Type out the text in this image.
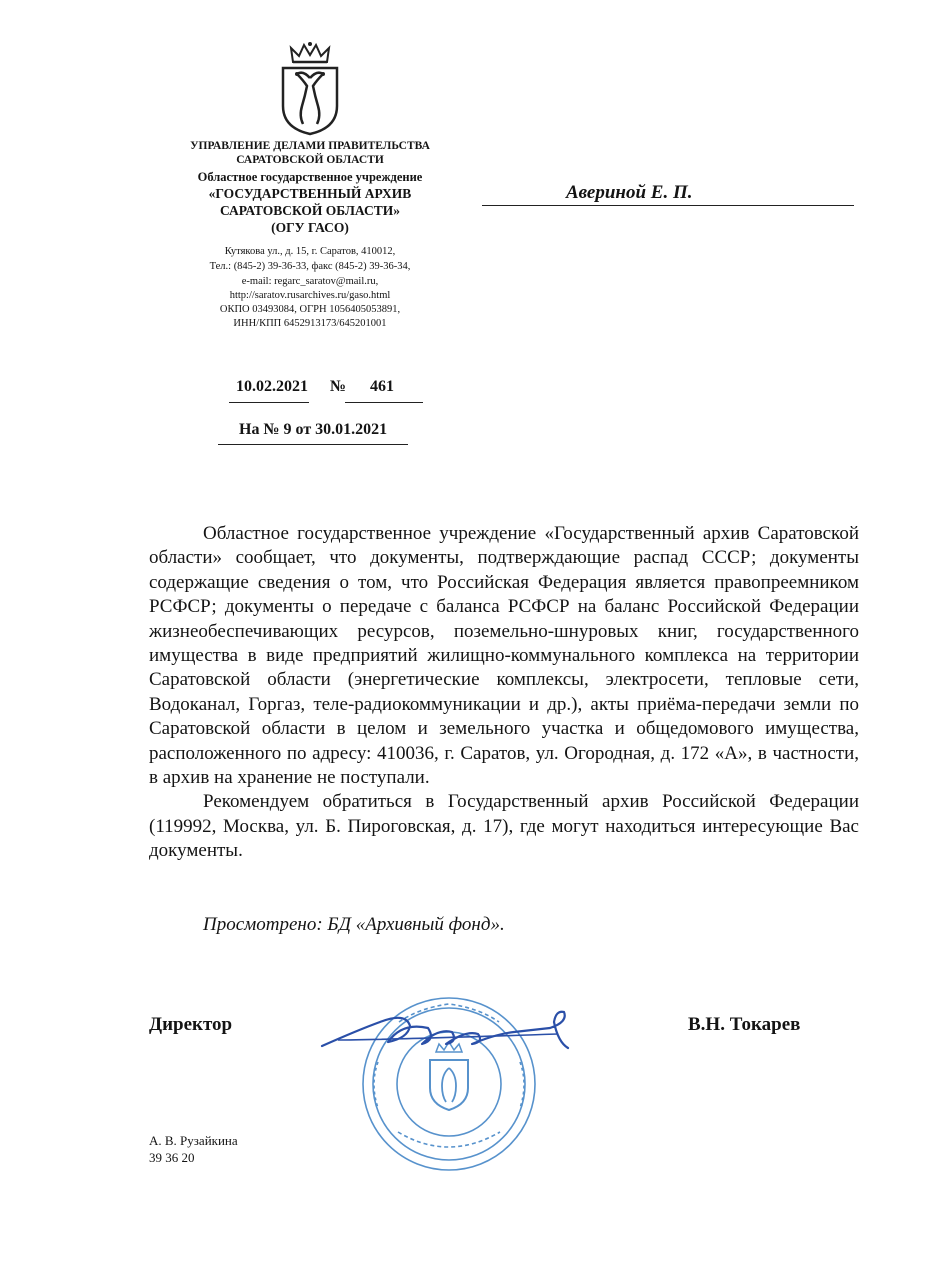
УПРАВЛЕНИЕ ДЕЛАМИ ПРАВИТЕЛЬСТВА
САРАТОВСКОЙ ОБЛАСТИ
Областное государственное учреждение
«ГОСУДАРСТВЕННЫЙ АРХИВ
САРАТОВСКОЙ ОБЛАСТИ»
(ОГУ ГАСО)
Кутякова ул., д. 15, г. Саратов, 410012,
Тел.: (845-2) 39-36-33, факс (845-2) 39-36-34,
e-mail: regarc_saratov@mail.ru,
http://saratov.rusarchives.ru/gaso.html
ОКПО 03493084, ОГРН 1056405053891,
ИНН/КПП 6452913173/645201001
Авериной Е. П.
10.02.2021 № 461
На № 9 от 30.01.2021

Областное государственное учреждение «Государственный архив Саратовской области» сообщает, что документы, подтверждающие распад СССР; документы содержащие сведения о том, что Российская Федерация является правопреемником РСФСР; документы о передаче с баланса РСФСР на баланс Российской Федерации жизнеобеспечивающих ресурсов, поземельно-шнуровых книг, государственного имущества в виде предприятий жилищно-коммунального комплекса на территории Саратовской области (энергетические комплексы, электросети, тепловые сети, Водоканал, Горгаз, теле-радиокоммуникации и др.), акты приёма-передачи земли по Саратовской области в целом и земельного участка и общедомового имущества, расположенного по адресу: 410036, г. Саратов, ул. Огородная, д. 172 «А», в частности, в архив на хранение не поступали.

Рекомендуем обратиться в Государственный архив Российской Федерации (119992, Москва, ул. Б. Пироговская, д. 17), где могут находиться интересующие Вас документы.

Просмотрено: БД «Архивный фонд».
Директор	В.Н. Токарев
А. В. Рузайкина
39 36 20
